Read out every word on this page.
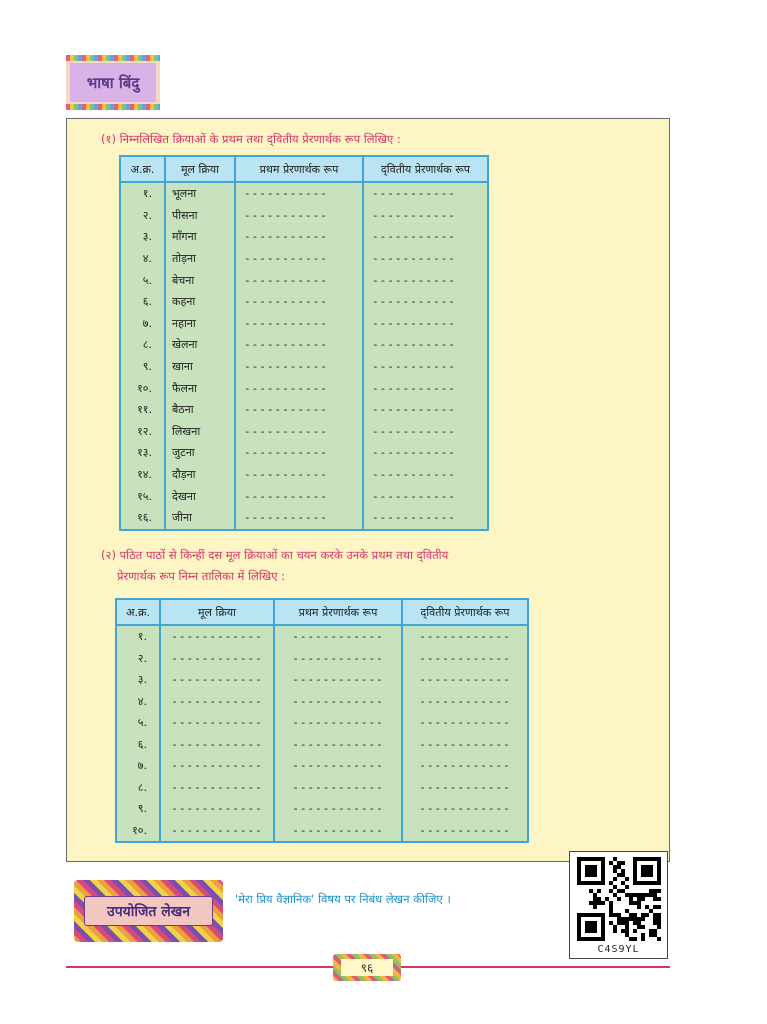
भाषा बिंदु
(१) निम्नलिखित क्रियाओं के प्रथम तथा द्‌वितीय प्रेरणार्थक रूप लिखिए :
अ.क्र.	मूल क्रिया	प्रथम प्रेरणार्थक रूप	द्‌वितीय प्रेरणार्थक रूप
१.	भूलना	-----------	-----------
२.	पीसना	-----------	-----------
३.	माँगना	-----------	-----------
४.	तोड़ना	-----------	-----------
५.	बेचना	-----------	-----------
६.	कहना	-----------	-----------
७.	नहाना	-----------	-----------
८.	खेलना	-----------	-----------
९.	खाना	-----------	-----------
१०.	फैलना	-----------	-----------
११.	बैठना	-----------	-----------
१२.	लिखना	-----------	-----------
१३.	जुटना	-----------	-----------
१४.	दौड़ना	-----------	-----------
१५.	देखना	-----------	-----------
१६.	जीना	-----------	-----------
(२) पठित पाठों से किन्हीं दस मूल क्रियाओं का चयन करके उनके प्रथम तथा द्‌वितीय
प्रेरणार्थक रूप निम्न तालिका में लिखिए :
अ.क्र.	मूल क्रिया	प्रथम प्रेरणार्थक रूप	द्‌वितीय प्रेरणार्थक रूप
१.	------------	------------	------------
२.	------------	------------	------------
३.	------------	------------	------------
४.	------------	------------	------------
५.	------------	------------	------------
६.	------------	------------	------------
७.	------------	------------	------------
८.	------------	------------	------------
९.	------------	------------	------------
१०.	------------	------------	------------
C4S9YL
उपयोजित लेखन
'मेरा प्रिय वैज्ञानिक' विषय पर निबंध लेखन कीजिए ।
९६
